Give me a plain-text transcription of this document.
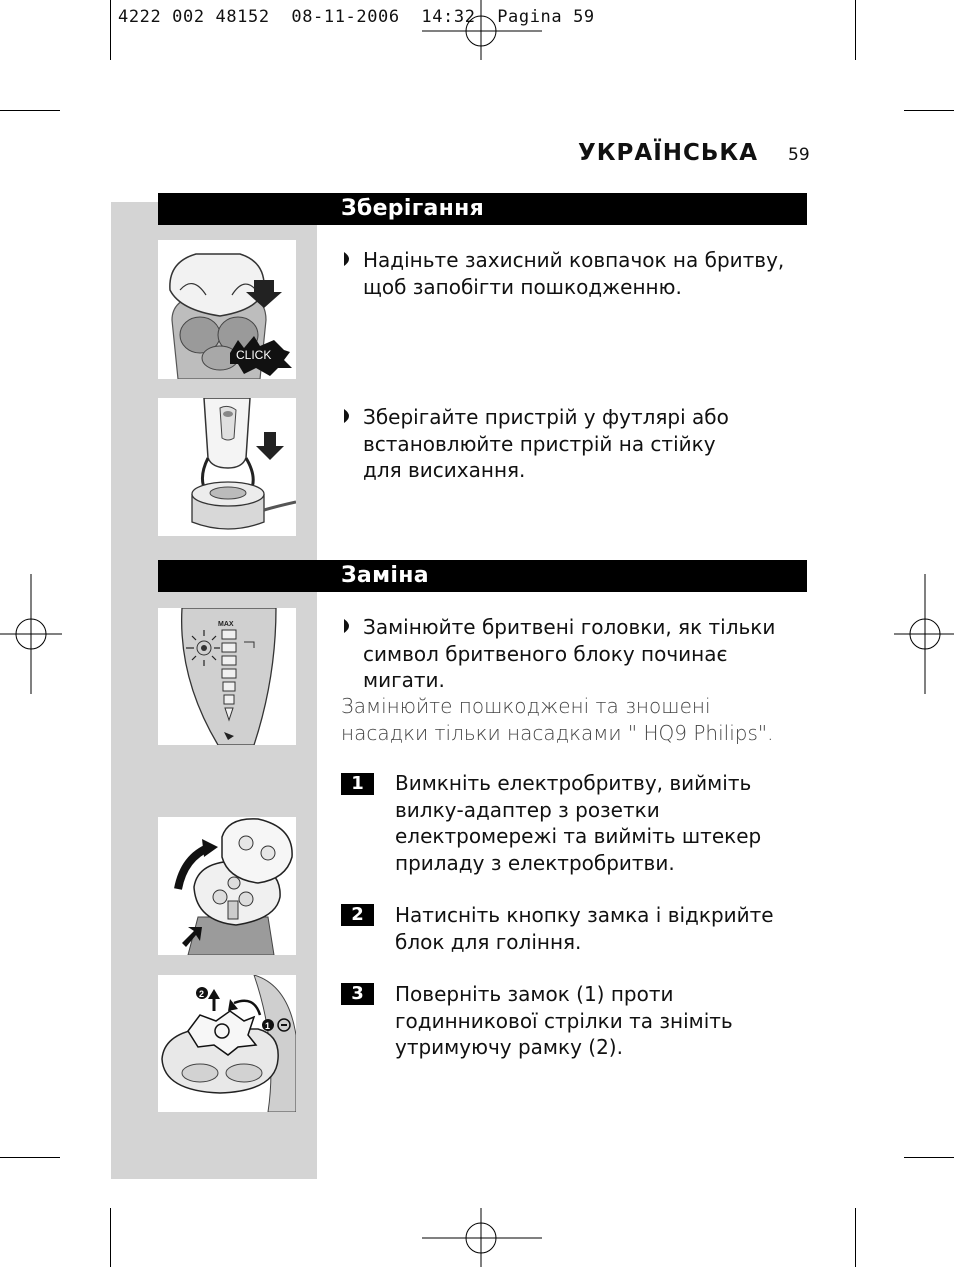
4222 002 48152  08-11-2006  14:32  Pagina 59
УКРАЇНСЬКА 59
Зберігання
Заміна
CLICK
MAX
2
1
Надіньте захисний ковпачок на бритву, щоб запобігти пошкодженню.
Зберігайте пристрій у футлярі або встановлюйте пристрій на стійку для висихання.
Замінюйте бритвені головки, як тільки символ бритвеного блоку починає мигати.
Замінюйте пошкоджені та зношені насадки тільки насадками " HQ9 Philips".
1	Вимкніть електробритву, вийміть вилку-адаптер з розетки електромережі та вийміть штекер приладу з електробритви.
2	Натисніть кнопку замка і відкрийте блок для гоління.
3	Поверніть замок (1) проти годинникової стрілки та зніміть утримуючу рамку (2).
